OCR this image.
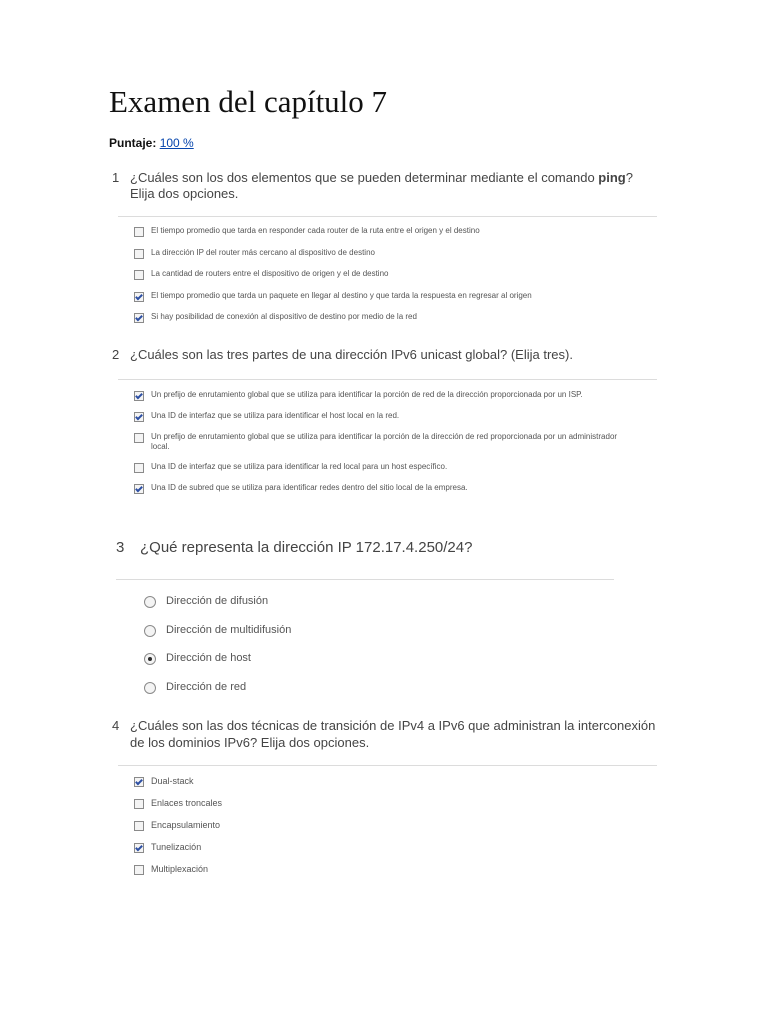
Examen del capítulo 7
Puntaje: 100 %
1 ¿Cuáles son los dos elementos que se pueden determinar mediante el comando ping? Elija dos opciones.
El tiempo promedio que tarda en responder cada router de la ruta entre el origen y el destino
La dirección IP del router más cercano al dispositivo de destino
La cantidad de routers entre el dispositivo de origen y el de destino
El tiempo promedio que tarda un paquete en llegar al destino y que tarda la respuesta en regresar al origen
Si hay posibilidad de conexión al dispositivo de destino por medio de la red
2 ¿Cuáles son las tres partes de una dirección IPv6 unicast global? (Elija tres).
Un prefijo de enrutamiento global que se utiliza para identificar la porción de red de la dirección proporcionada por un ISP.
Una ID de interfaz que se utiliza para identificar el host local en la red.
Un prefijo de enrutamiento global que se utiliza para identificar la porción de la dirección de red proporcionada por un administrador local.
Una ID de interfaz que se utiliza para identificar la red local para un host específico.
Una ID de subred que se utiliza para identificar redes dentro del sitio local de la empresa.
3	¿Qué representa la dirección IP 172.17.4.250/24?
Dirección de difusión
Dirección de multidifusión
Dirección de host
Dirección de red
4 ¿Cuáles son las dos técnicas de transición de IPv4 a IPv6 que administran la interconexión de los dominios IPv6? Elija dos opciones.
Dual-stack
Enlaces troncales
Encapsulamiento
Tunelización
Multiplexación
